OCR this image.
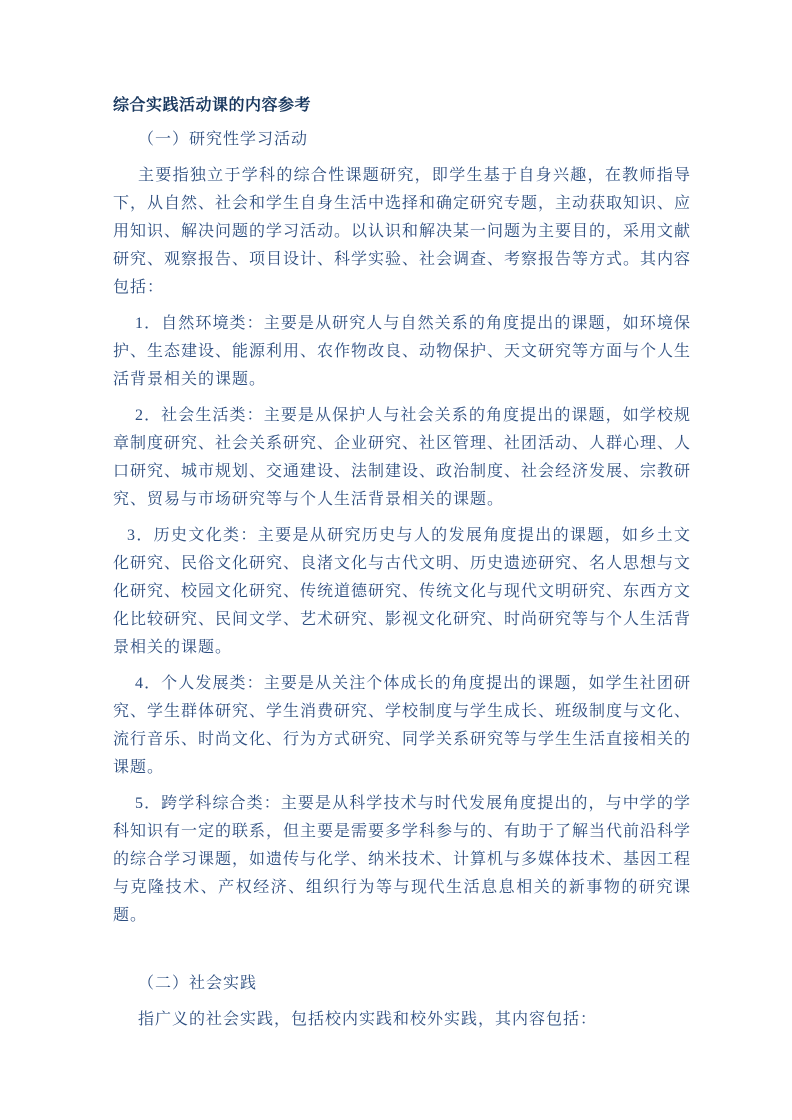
综合实践活动课的内容参考

（一）研究性学习活动

主要指独立于学科的综合性课题研究，即学生基于自身兴趣，在教师指导下，从自然、社会和学生自身生活中选择和确定研究专题，主动获取知识、应用知识、解决问题的学习活动。以认识和解决某一问题为主要目的，采用文献研究、观察报告、项目设计、科学实验、社会调查、考察报告等方式。其内容包括：

1．自然环境类：主要是从研究人与自然关系的角度提出的课题，如环境保护、生态建设、能源利用、农作物改良、动物保护、天文研究等方面与个人生活背景相关的课题。

2．社会生活类：主要是从保护人与社会关系的角度提出的课题，如学校规章制度研究、社会关系研究、企业研究、社区管理、社团活动、人群心理、人口研究、城市规划、交通建设、法制建设、政治制度、社会经济发展、宗教研究、贸易与市场研究等与个人生活背景相关的课题。

3．历史文化类：主要是从研究历史与人的发展角度提出的课题，如乡土文化研究、民俗文化研究、良渚文化与古代文明、历史遗迹研究、名人思想与文化研究、校园文化研究、传统道德研究、传统文化与现代文明研究、东西方文化比较研究、民间文学、艺术研究、影视文化研究、时尚研究等与个人生活背景相关的课题。

4．个人发展类：主要是从关注个体成长的角度提出的课题，如学生社团研究、学生群体研究、学生消费研究、学校制度与学生成长、班级制度与文化、流行音乐、时尚文化、行为方式研究、同学关系研究等与学生生活直接相关的课题。

5．跨学科综合类：主要是从科学技术与时代发展角度提出的，与中学的学科知识有一定的联系，但主要是需要多学科参与的、有助于了解当代前沿科学的综合学习课题，如遗传与化学、纳米技术、计算机与多媒体技术、基因工程与克隆技术、产权经济、组织行为等与现代生活息息相关的新事物的研究课题。

（二）社会实践

指广义的社会实践，包括校内实践和校外实践，其内容包括：
